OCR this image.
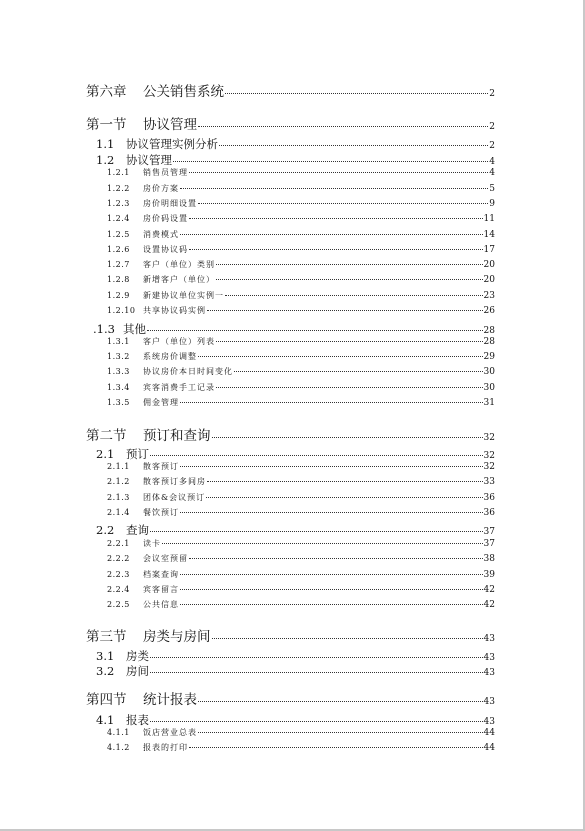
第六章	公关销售系统	2
第一节	协议管理	2
1.1	协议管理实例分析	2
1.2	协议管理	4
1.2.1	销售员管理	4
1.2.2	房价方案	5
1.2.3	房价明细设置	9
1.2.4	房价码设置	11
1.2.5	消费模式	14
1.2.6	设置协议码	17
1.2.7	客户（单位）类别	20
1.2.8	新增客户（单位）	20
1.2.9	新建协议单位实例一	23
1.2.10 共享协议码实例	26
.1.3 其他	28
1.3.1	客户（单位）列表	28
1.3.2	系统房价调整	29
1.3.3	协议房价本日时间变化	30
1.3.4	宾客消费手工记录	30
1.3.5	佣金管理	31
第二节	预订和查询	32
2.1	预订	32
2.1.1	散客预订	32
2.1.2	散客预订多间房	33
2.1.3	团体&会议预订	36
2.1.4	餐饮预订	36
2.2	查询	37
2.2.1	读卡	37
2.2.2	会议室预留	38
2.2.3	档案查询	39
2.2.4	宾客留言	42
2.2.5	公共信息	42
第三节	房类与房间	43
3.1	房类	43
3.2	房间	43
第四节	统计报表	43
4.1	报表	43
4.1.1	饭店营业总表	44
4.1.2	报表的打印	44
